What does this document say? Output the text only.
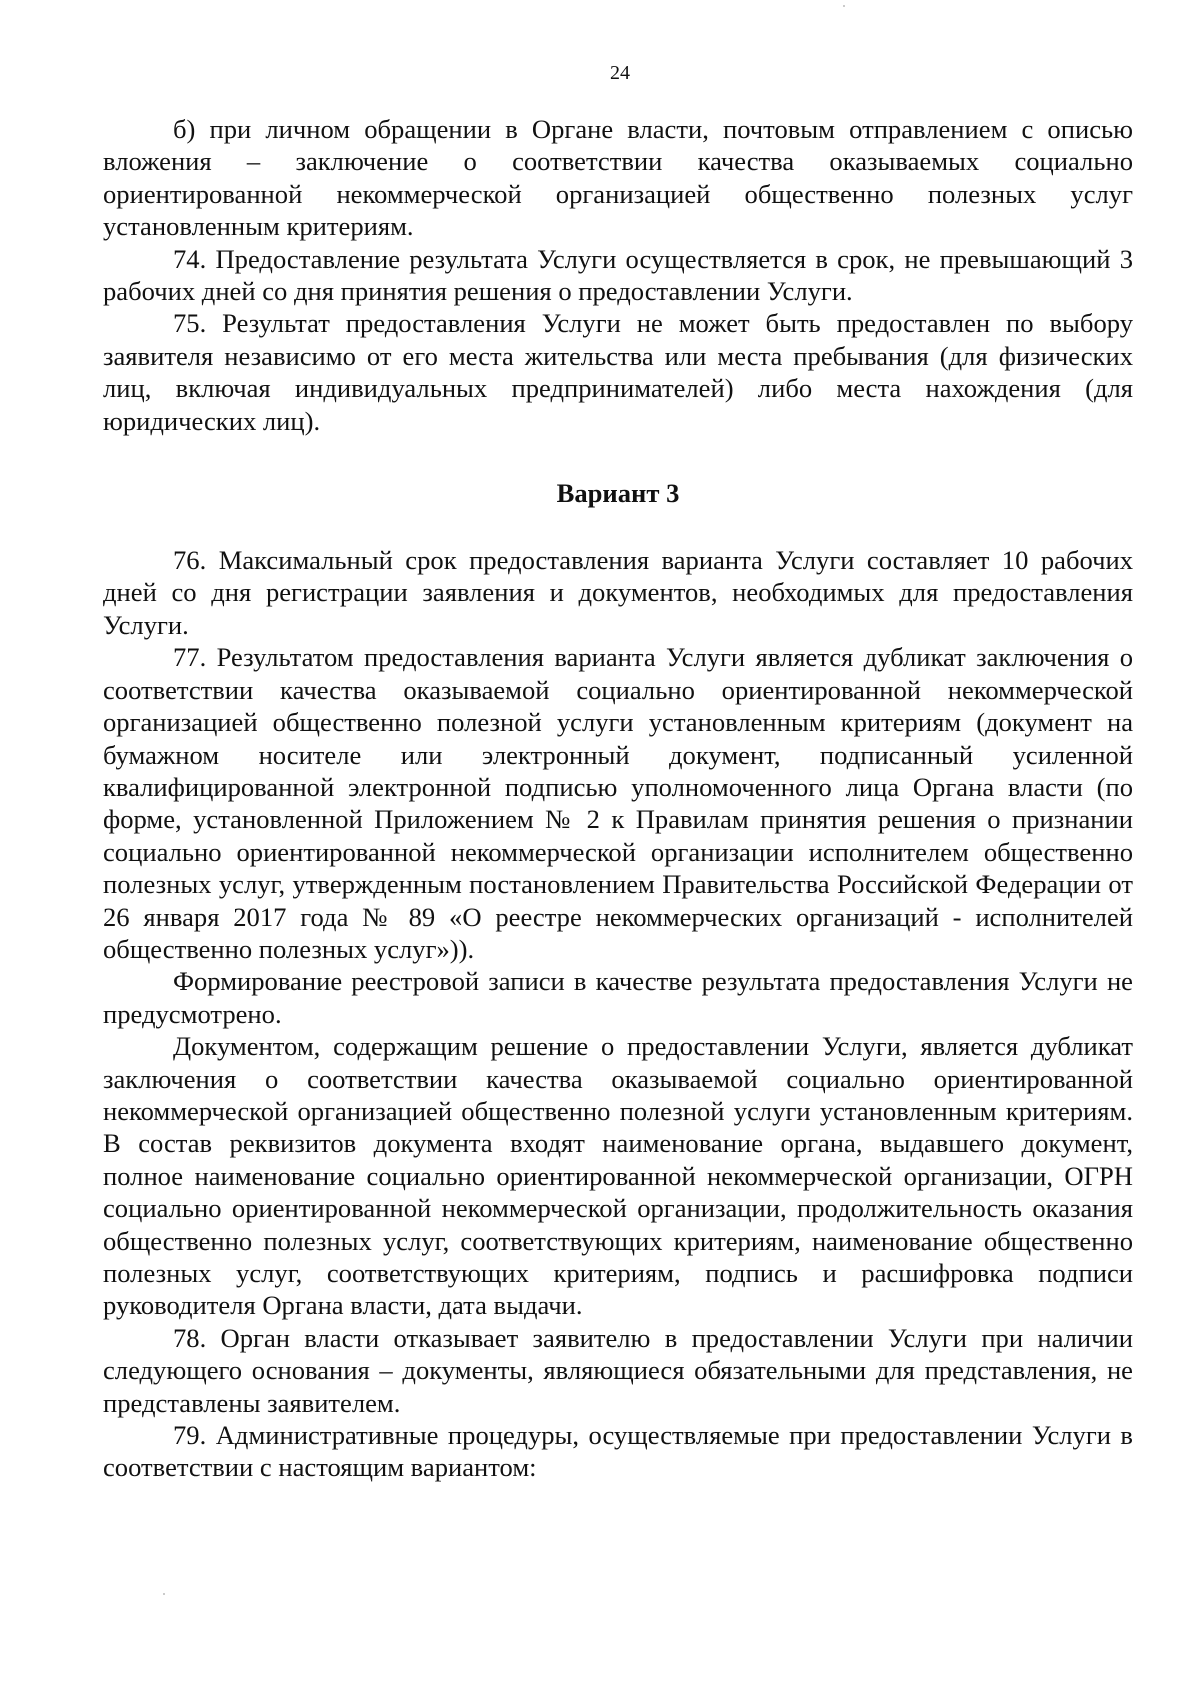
24

б) при личном обращении в Органе власти, почтовым отправлением с описью вложения – заключение о соответствии качества оказываемых социально ориентированной некоммерческой организацией общественно полезных услуг установленным критериям.

74. Предоставление результата Услуги осуществляется в срок, не превышающий 3 рабочих дней со дня принятия решения о предоставлении Услуги.

75. Результат предоставления Услуги не может быть предоставлен по выбору заявителя независимо от его места жительства или места пребывания (для физических лиц, включая индивидуальных предпринимателей) либо места нахождения (для юридических лиц).

Вариант 3

76. Максимальный срок предоставления варианта Услуги составляет 10 рабочих дней со дня регистрации заявления и документов, необходимых для предоставления Услуги.

77. Результатом предоставления варианта Услуги является дубликат заключения о соответствии качества оказываемой социально ориентированной некоммерческой организацией общественно полезной услуги установленным критериям (документ на бумажном носителе или электронный документ, подписанный усиленной квалифицированной электронной подписью уполномоченного лица Органа власти (по форме, установленной Приложением № 2 к Правилам принятия решения о признании социально ориентированной некоммерческой организации исполнителем общественно полезных услуг, утвержденным постановлением Правительства Российской Федерации от 26 января 2017 года № 89 «О реестре некоммерческих организаций - исполнителей общественно полезных услуг»)).

Формирование реестровой записи в качестве результата предоставления Услуги не предусмотрено.

Документом, содержащим решение о предоставлении Услуги, является дубликат заключения о соответствии качества оказываемой социально ориентированной некоммерческой организацией общественно полезной услуги установленным критериям. В состав реквизитов документа входят наименование органа, выдавшего документ, полное наименование социально ориентированной некоммерческой организации, ОГРН социально ориентированной некоммерческой организации, продолжительность оказания общественно полезных услуг, соответствующих критериям, наименование общественно полезных услуг, соответствующих критериям, подпись и расшифровка подписи руководителя Органа власти, дата выдачи.

78. Орган власти отказывает заявителю в предоставлении Услуги при наличии следующего основания – документы, являющиеся обязательными для представления, не представлены заявителем.

79. Административные процедуры, осуществляемые при предоставлении Услуги в соответствии с настоящим вариантом:
